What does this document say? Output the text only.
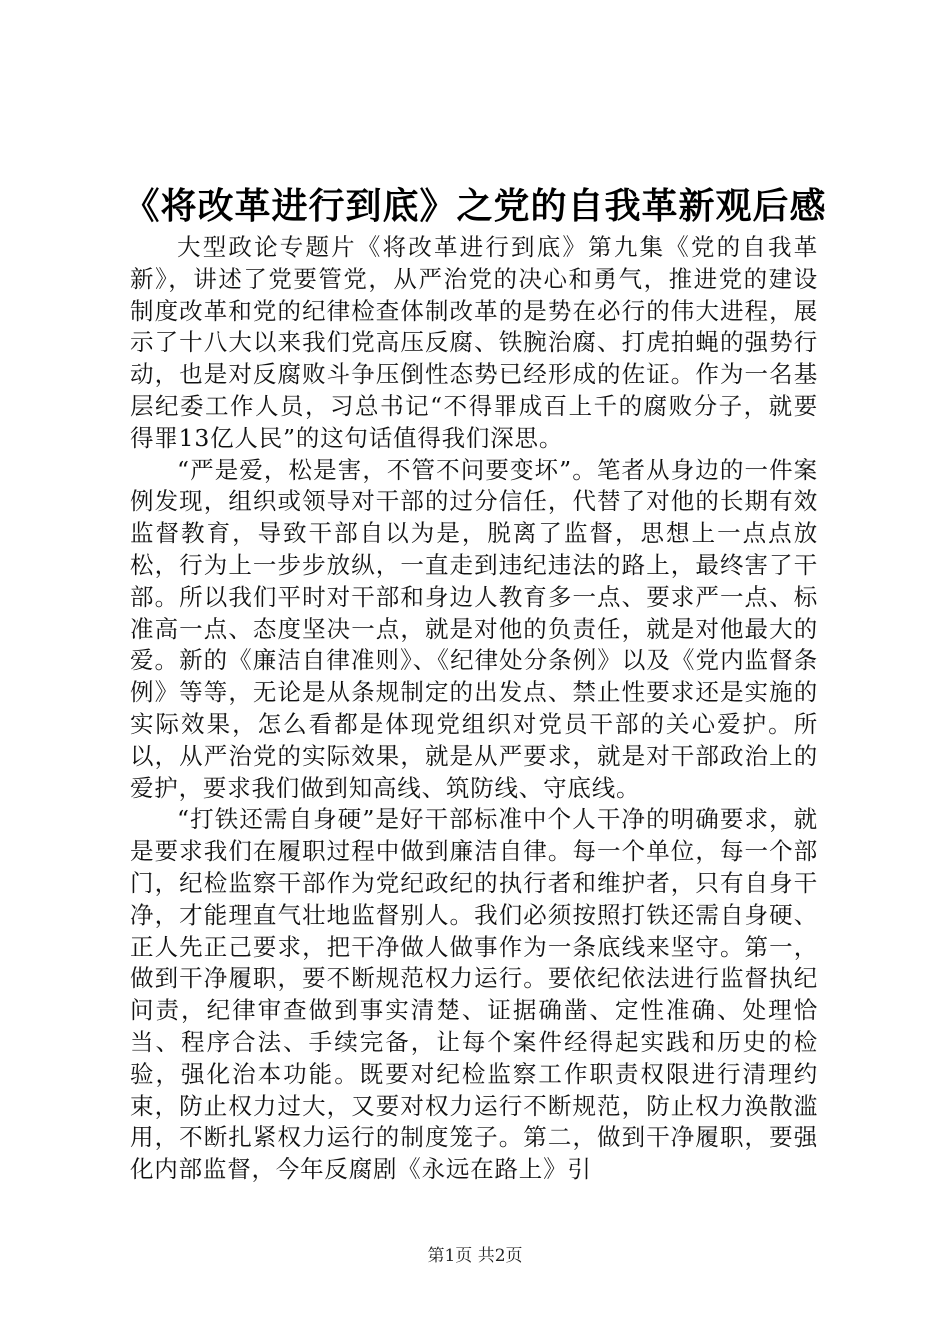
《将改革进行到底》之党的自我革新观后感

大型政论专题片《将改革进行到底》第九集《党的自我革新》，讲述了党要管党，从严治党的决心和勇气，推进党的建设制度改革和党的纪律检查体制改革的是势在必行的伟大进程，展示了十八大以来我们党高压反腐、铁腕治腐、打虎拍蝇的强势行动，也是对反腐败斗争压倒性态势已经形成的佐证。作为一名基层纪委工作人员，习总书记“不得罪成百上千的腐败分子，就要得罪13亿人民”的这句话值得我们深思。

“严是爱，松是害，不管不问要变坏”。笔者从身边的一件案例发现，组织或领导对干部的过分信任，代替了对他的长期有效监督教育，导致干部自以为是，脱离了监督，思想上一点点放松，行为上一步步放纵，一直走到违纪违法的路上，最终害了干部。所以我们平时对干部和身边人教育多一点、要求严一点、标准高一点、态度坚决一点，就是对他的负责任，就是对他最大的爱。新的《廉洁自律准则》、《纪律处分条例》以及《党内监督条例》等等，无论是从条规制定的出发点、禁止性要求还是实施的实际效果，怎么看都是体现党组织对党员干部的关心爱护。所以，从严治党的实际效果，就是从严要求，就是对干部政治上的爱护，要求我们做到知高线、筑防线、守底线。

“打铁还需自身硬”是好干部标准中个人干净的明确要求，就是要求我们在履职过程中做到廉洁自律。每一个单位，每一个部门，纪检监察干部作为党纪政纪的执行者和维护者，只有自身干净，才能理直气壮地监督别人。我们必须按照打铁还需自身硬、正人先正己要求，把干净做人做事作为一条底线来坚守。第一，做到干净履职，要不断规范权力运行。要依纪依法进行监督执纪问责，纪律审查做到事实清楚、证据确凿、定性准确、处理恰当、程序合法、手续完备，让每个案件经得起实践和历史的检验，强化治本功能。既要对纪检监察工作职责权限进行清理约束，防止权力过大，又要对权力运行不断规范，防止权力涣散滥用，不断扎紧权力运行的制度笼子。第二，做到干净履职，要强化内部监督，今年反腐剧《永远在路上》引

第1页 共2页
